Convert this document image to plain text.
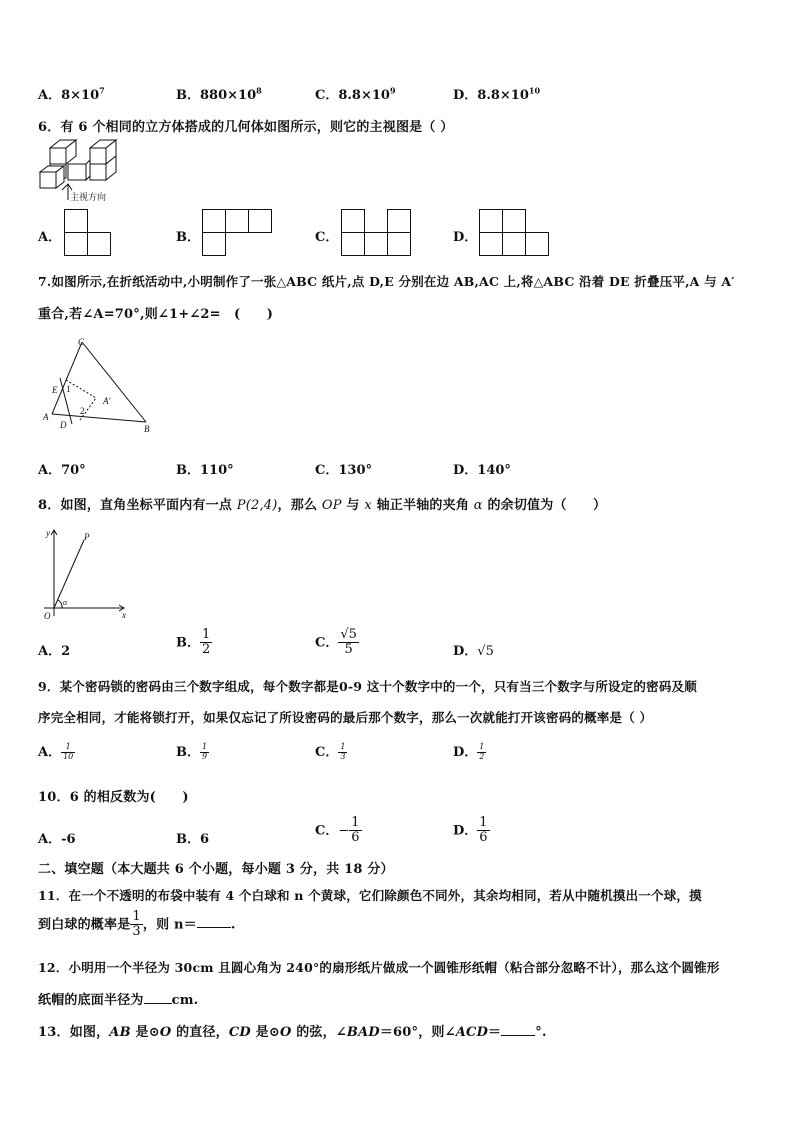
A．$8\times 10^7$	B．$880\times 10^8$	C．$8.8\times 10^9$	D．$8.8\times 10^{10}$
6．有 6 个相同的立方体搭成的几何体如图所示，则它的主视图是（ ）
主视方向
A．	B．	C．	D．
7.如图所示,在折纸活动中,小明制作了一张△ABC 纸片,点 D,E 分别在边 AB,AC 上,将△ABC 沿着 DE 折叠压平,A 与 A′
重合,若∠A=70°,则∠1+∠2=　(　　)
C
E 1
A′
2
A
D	B
A．70°	B．110°	C．130°	D．140°
8．如图，直角坐标平面内有一点 P(2,4)，那么 OP 与 x 轴正半轴的夹角 α 的余切值为（　　）
y	P
O
α
x
A．2
B． $\frac{1}{2}$	C． $\frac{√5}{5}$	D．√5
9．某个密码锁的密码由三个数字组成，每个数字都是0-9 这十个数字中的一个，只有当三个数字与所设定的密码及顺
序完全相同，才能将锁打开，如果仅忘记了所设密码的最后那个数字，那么一次就能打开该密码的概率是（ ）
A． $\frac{1}{10}$	B． $\frac{1}{9}$	C． $\frac{1}{3}$	D． $\frac{1}{2}$
10．6 的相反数为(　　)
A．-6	B．6
C．− $\frac{1}{6}$	D． $\frac{1}{6}$
二、填空题（本大题共 6 个小题，每小题 3 分，共 18 分）
11．在一个不透明的布袋中装有 4 个白球和 n 个黄球，它们除颜色不同外，其余均相同，若从中随机摸出一个球，摸
到白球的概率是 $\frac{1}{3}$ ，则 n＝	.
12．小明用一个半径为 30cm 且圆心角为 240°的扇形纸片做成一个圆锥形纸帽（粘合部分忽略不计），那么这个圆锥形
纸帽的底面半径为 cm.
13．如图，AB 是⊙O 的直径，CD 是⊙O 的弦，∠BAD＝60°，则∠ACD＝	°.
